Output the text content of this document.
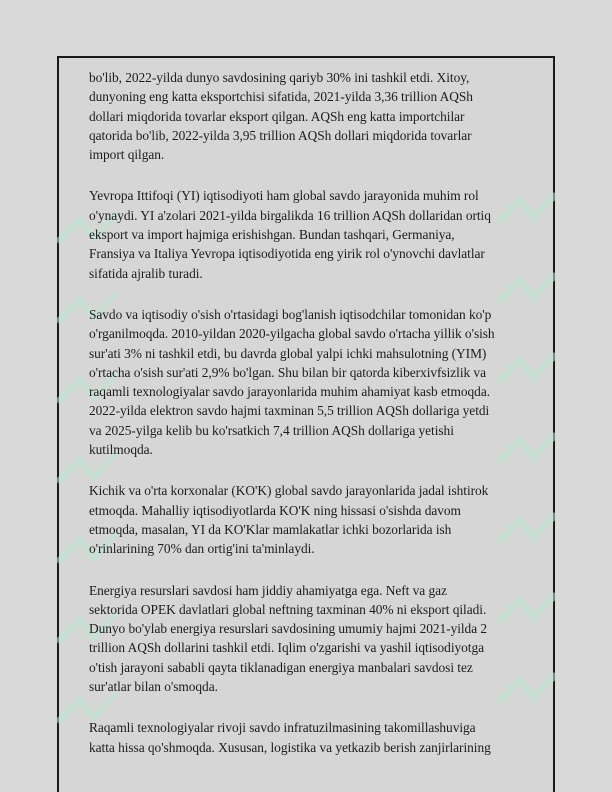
bo'lib, 2022-yilda dunyo savdosining qariyb 30% ini tashkil etdi. Xitoy,
dunyoning eng katta eksportchisi sifatida, 2021-yilda 3,36 trillion AQSh
dollari miqdorida tovarlar eksport qilgan. AQSh eng katta importchilar
qatorida bo'lib, 2022-yilda 3,95 trillion AQSh dollari miqdorida tovarlar
import qilgan.

Yevropa Ittifoqi (YI) iqtisodiyoti ham global savdo jarayonida muhim rol
o'ynaydi. YI a'zolari 2021-yilda birgalikda 16 trillion AQSh dollaridan ortiq
eksport va import hajmiga erishishgan. Bundan tashqari, Germaniya,
Fransiya va Italiya Yevropa iqtisodiyotida eng yirik rol o'ynovchi davlatlar
sifatida ajralib turadi.

Savdo va iqtisodiy o'sish o'rtasidagi bog'lanish iqtisodchilar tomonidan ko'p
o'rganilmoqda. 2010-yildan 2020-yilgacha global savdo o'rtacha yillik o'sish
sur'ati 3% ni tashkil etdi, bu davrda global yalpi ichki mahsulotning (YIM)
o'rtacha o'sish sur'ati 2,9% bo'lgan. Shu bilan bir qatorda kiberxivfsizlik va
raqamli texnologiyalar savdo jarayonlarida muhim ahamiyat kasb etmoqda.
2022-yilda elektron savdo hajmi taxminan 5,5 trillion AQSh dollariga yetdi
va 2025-yilga kelib bu ko'rsatkich 7,4 trillion AQSh dollariga yetishi
kutilmoqda.

Kichik va o'rta korxonalar (KO'K) global savdo jarayonlarida jadal ishtirok
etmoqda. Mahalliy iqtisodiyotlarda KO'K ning hissasi o'sishda davom
etmoqda, masalan, YI da KO'Klar mamlakatlar ichki bozorlarida ish
o'rinlarining 70% dan ortig'ini ta'minlaydi.

Energiya resurslari savdosi ham jiddiy ahamiyatga ega. Neft va gaz
sektorida OPEK davlatlari global neftning taxminan 40% ni eksport qiladi.
Dunyo bo'ylab energiya resurslari savdosining umumiy hajmi 2021-yilda 2
trillion AQSh dollarini tashkil etdi. Iqlim o'zgarishi va yashil iqtisodiyotga
o'tish jarayoni sababli qayta tiklanadigan energiya manbalari savdosi tez
sur'atlar bilan o'smoqda.

Raqamli texnologiyalar rivoji savdo infratuzilmasining takomillashuviga
katta hissa qo'shmoqda. Xususan, logistika va yetkazib berish zanjirlarining
